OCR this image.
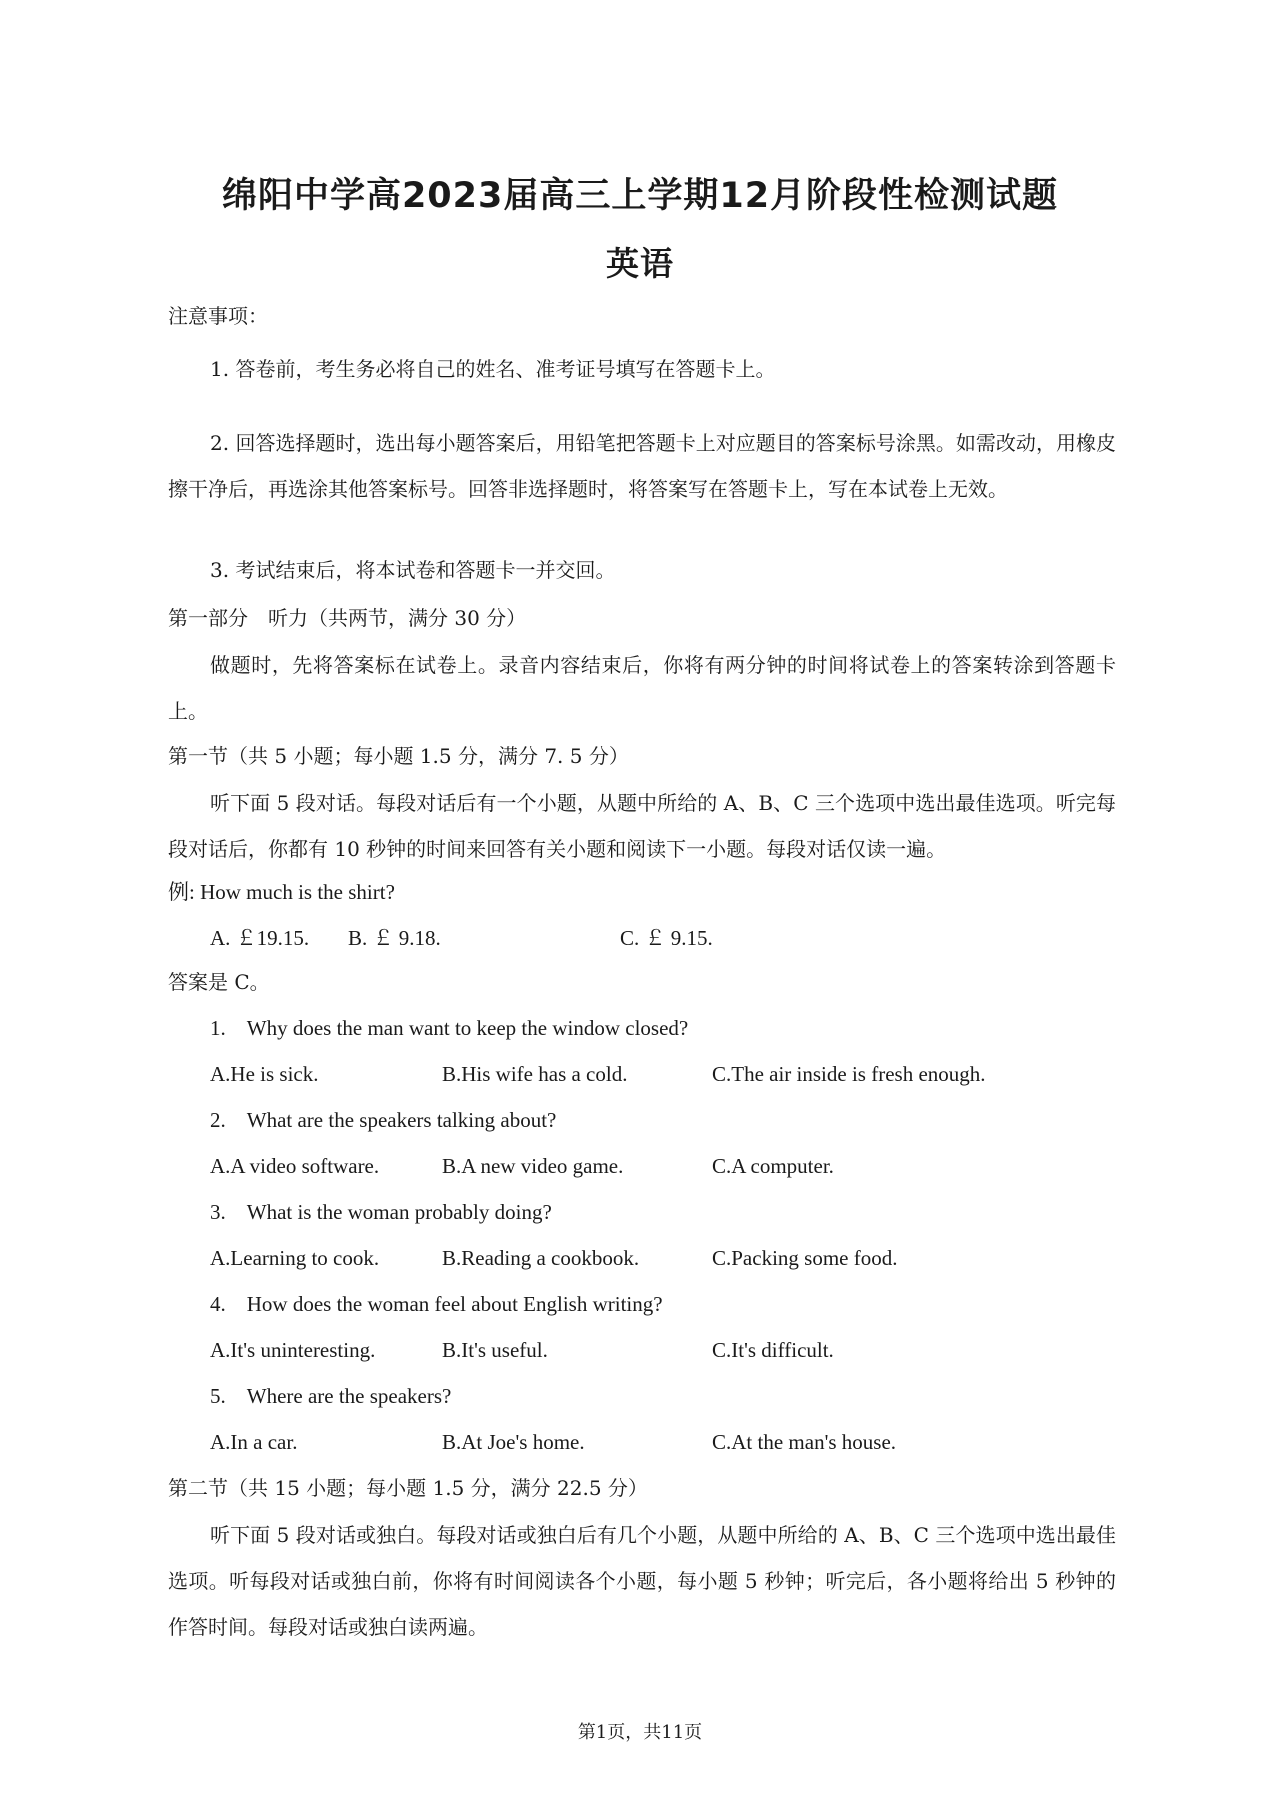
绵阳中学高2023届高三上学期12月阶段性检测试题
英语
注意事项：
1. 答卷前，考生务必将自己的姓名、准考证号填写在答题卡上。
2. 回答选择题时，选出每小题答案后，用铅笔把答题卡上对应题目的答案标号涂黑。如需改动，用橡皮擦干净后，再选涂其他答案标号。回答非选择题时，将答案写在答题卡上，写在本试卷上无效。
3. 考试结束后，将本试卷和答题卡一并交回。
第一部分　听力（共两节，满分 30 分）
做题时，先将答案标在试卷上。录音内容结束后，你将有两分钟的时间将试卷上的答案转涂到答题卡上。
第一节（共 5 小题；每小题 1.5 分，满分 7. 5 分）
听下面 5 段对话。每段对话后有一个小题，从题中所给的 A、B、C 三个选项中选出最佳选项。听完每段对话后，你都有 10 秒钟的时间来回答有关小题和阅读下一小题。每段对话仅读一遍。
例: How much is the shirt?
A. ￡19.15. B. ￡ 9.18.	C. ￡ 9.15.
答案是 C。
1.　Why does the man want to keep the window closed?
A.He is sick.	B.His wife has a cold.	C.The air inside is fresh enough.
2.　What are the speakers talking about?
A.A video software.	B.A new video game.	C.A computer.
3.　What is the woman probably doing?
A.Learning to cook.	B.Reading a cookbook.	C.Packing some food.
4.　How does the woman feel about English writing?
A.It's uninteresting.	B.It's useful.	C.It's difficult.
5.　Where are the speakers?
A.In a car.	B.At Joe's home.	C.At the man's house.
第二节（共 15 小题；每小题 1.5 分，满分 22.5 分）
听下面 5 段对话或独白。每段对话或独白后有几个小题，从题中所给的 A、B、C 三个选项中选出最佳选项。听每段对话或独白前，你将有时间阅读各个小题，每小题 5 秒钟；听完后，各小题将给出 5 秒钟的作答时间。每段对话或独白读两遍。
第1页，共11页
